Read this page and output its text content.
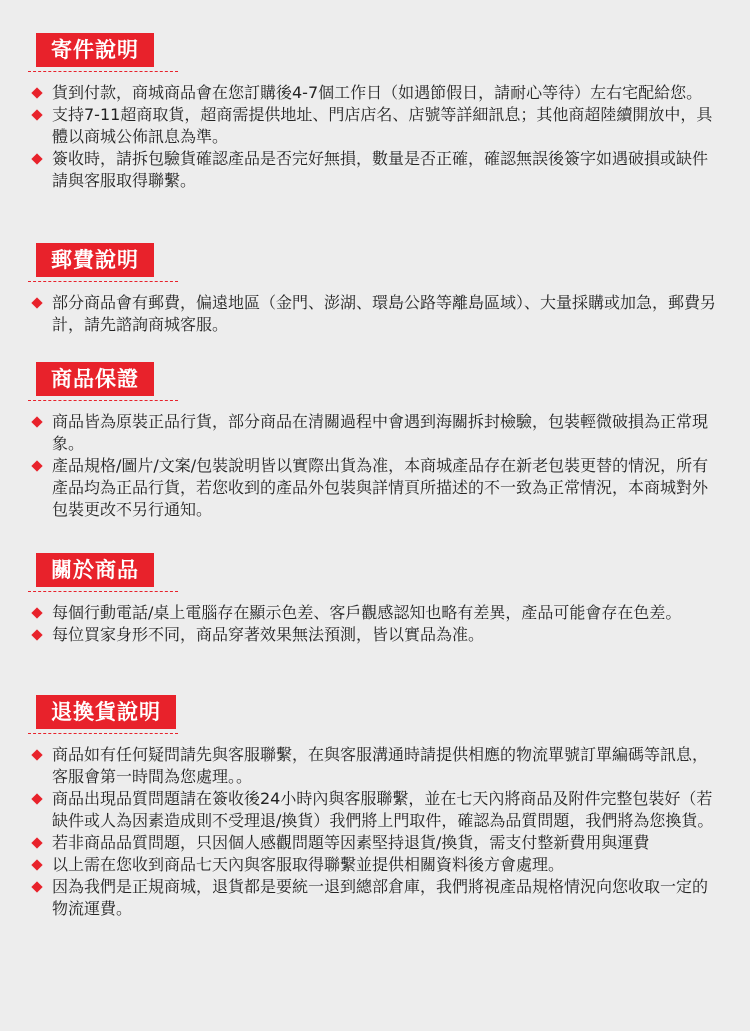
寄件說明
貨到付款，商城商品會在您訂購後4-7個工作日（如遇節假日，請耐心等待）左右宅配給您。
支持7-11超商取貨，超商需提供地址、門店店名、店號等詳細訊息；其他商超陸續開放中，具體以商城公佈訊息為準。
簽收時，請拆包驗貨確認產品是否完好無損，數量是否正確，確認無誤後簽字如遇破損或缺件請與客服取得聯繫。
郵費說明
部分商品會有郵費，偏遠地區（金門、澎湖、環島公路等離島區域）、大量採購或加急，郵費另計，請先諮詢商城客服。
商品保證
商品皆為原裝正品行貨，部分商品在清關過程中會遇到海關拆封檢驗，包裝輕微破損為正常現象。
產品規格/圖片/文案/包裝說明皆以實際出貨為准，本商城產品存在新老包裝更替的情況，所有產品均為正品行貨，若您收到的產品外包裝與詳情頁所描述的不一致為正常情況，本商城對外包裝更改不另行通知。
關於商品
每個行動電話/桌上電腦存在顯示色差、客戶觀感認知也略有差異，產品可能會存在色差。
每位買家身形不同，商品穿著效果無法預測，皆以實品為准。
退換貨說明
商品如有任何疑問請先與客服聯繫，在與客服溝通時請提供相應的物流單號訂單編碼等訊息，客服會第一時間為您處理。。
商品出現品質問題請在簽收後24小時內與客服聯繫，並在七天內將商品及附件完整包裝好（若缺件或人為因素造成則不受理退/換貨）我們將上門取件，確認為品質問題，我們將為您換貨。
若非商品品質問題，只因個人感觀問題等因素堅持退貨/換貨，需支付整新費用與運費
以上需在您收到商品七天內與客服取得聯繫並提供相關資料後方會處理。
因為我們是正規商城，退貨都是要統一退到總部倉庫，我們將視產品規格情況向您收取一定的物流運費。
